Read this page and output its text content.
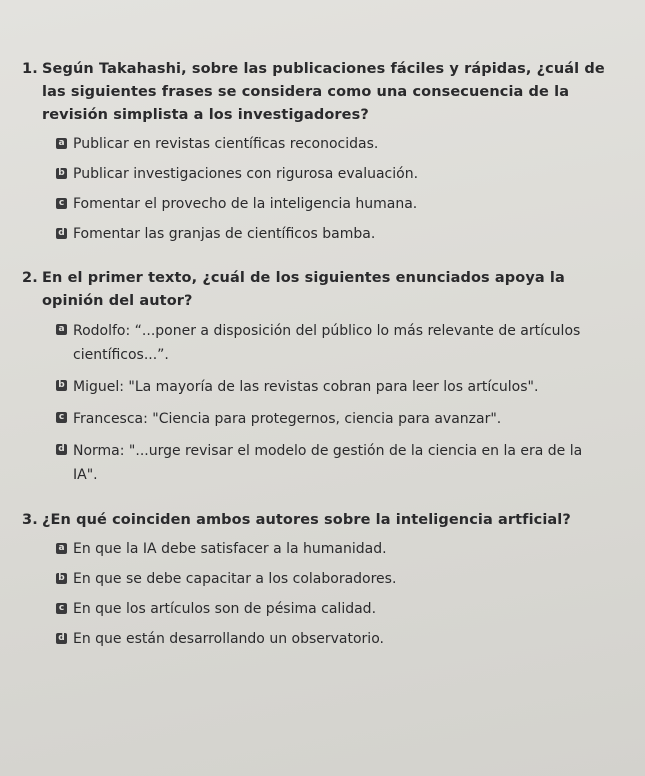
1. Según Takahashi, sobre las publicaciones fáciles y rápidas, ¿cuál de las siguientes frases se considera como una consecuencia de la revisión simplista a los investigadores?
a Publicar en revistas científicas reconocidas.
b Publicar investigaciones con rigurosa evaluación.
c Fomentar el provecho de la inteligencia humana.
d Fomentar las granjas de científicos bamba.
2. En el primer texto, ¿cuál de los siguientes enunciados apoya la opinión del autor?
a Rodolfo: “...poner a disposición del público lo más relevante de artículos científicos...”.
b Miguel: "La mayoría de las revistas cobran para leer los artículos".
c Francesca: "Ciencia para protegernos, ciencia para avanzar".
d Norma: "...urge revisar el modelo de gestión de la ciencia en la era de la IA".
3. ¿En qué coinciden ambos autores sobre la inteligencia artficial?
a En que la IA debe satisfacer a la humanidad.
b En que se debe capacitar a los colaboradores.
c En que los artículos son de pésima calidad.
d En que están desarrollando un observatorio.
